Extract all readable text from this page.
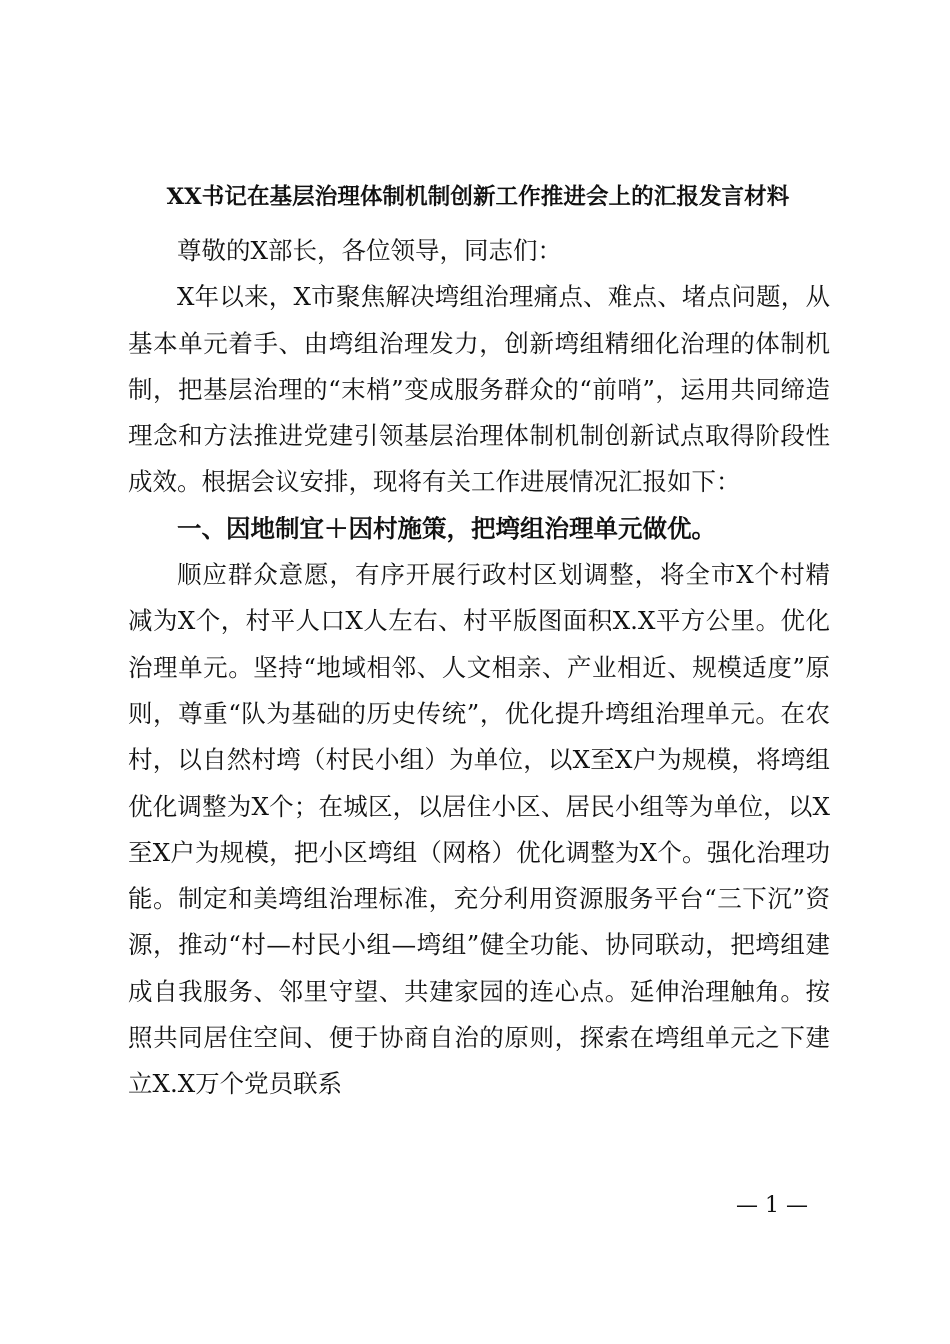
XX书记在基层治理体制机制创新工作推进会上的汇报发言材料

尊敬的X部长，各位领导，同志们：

X年以来，X市聚焦解决塆组治理痛点、难点、堵点问题，从基本单元着手、由塆组治理发力，创新塆组精细化治理的体制机制，把基层治理的“末梢”变成服务群众的“前哨”，运用共同缔造理念和方法推进党建引领基层治理体制机制创新试点取得阶段性成效。根据会议安排，现将有关工作进展情况汇报如下：

一、因地制宜＋因村施策，把塆组治理单元做优。

顺应群众意愿，有序开展行政村区划调整，将全市X个村精减为X个，村平人口X人左右、村平版图面积X.X平方公里。优化治理单元。坚持“地域相邻、人文相亲、产业相近、规模适度”原则，尊重“队为基础的历史传统”，优化提升塆组治理单元。在农村，以自然村塆（村民小组）为单位，以X至X户为规模，将塆组优化调整为X个；在城区，以居住小区、居民小组等为单位，以X至X户为规模，把小区塆组（网格）优化调整为X个。强化治理功能。制定和美塆组治理标准，充分利用资源服务平台“三下沉”资源，推动“村—村民小组—塆组”健全功能、协同联动，把塆组建成自我服务、邻里守望、共建家园的连心点。延伸治理触角。按照共同居住空间、便于协商自治的原则，探索在塆组单元之下建立X.X万个党员联系

— 1 —
